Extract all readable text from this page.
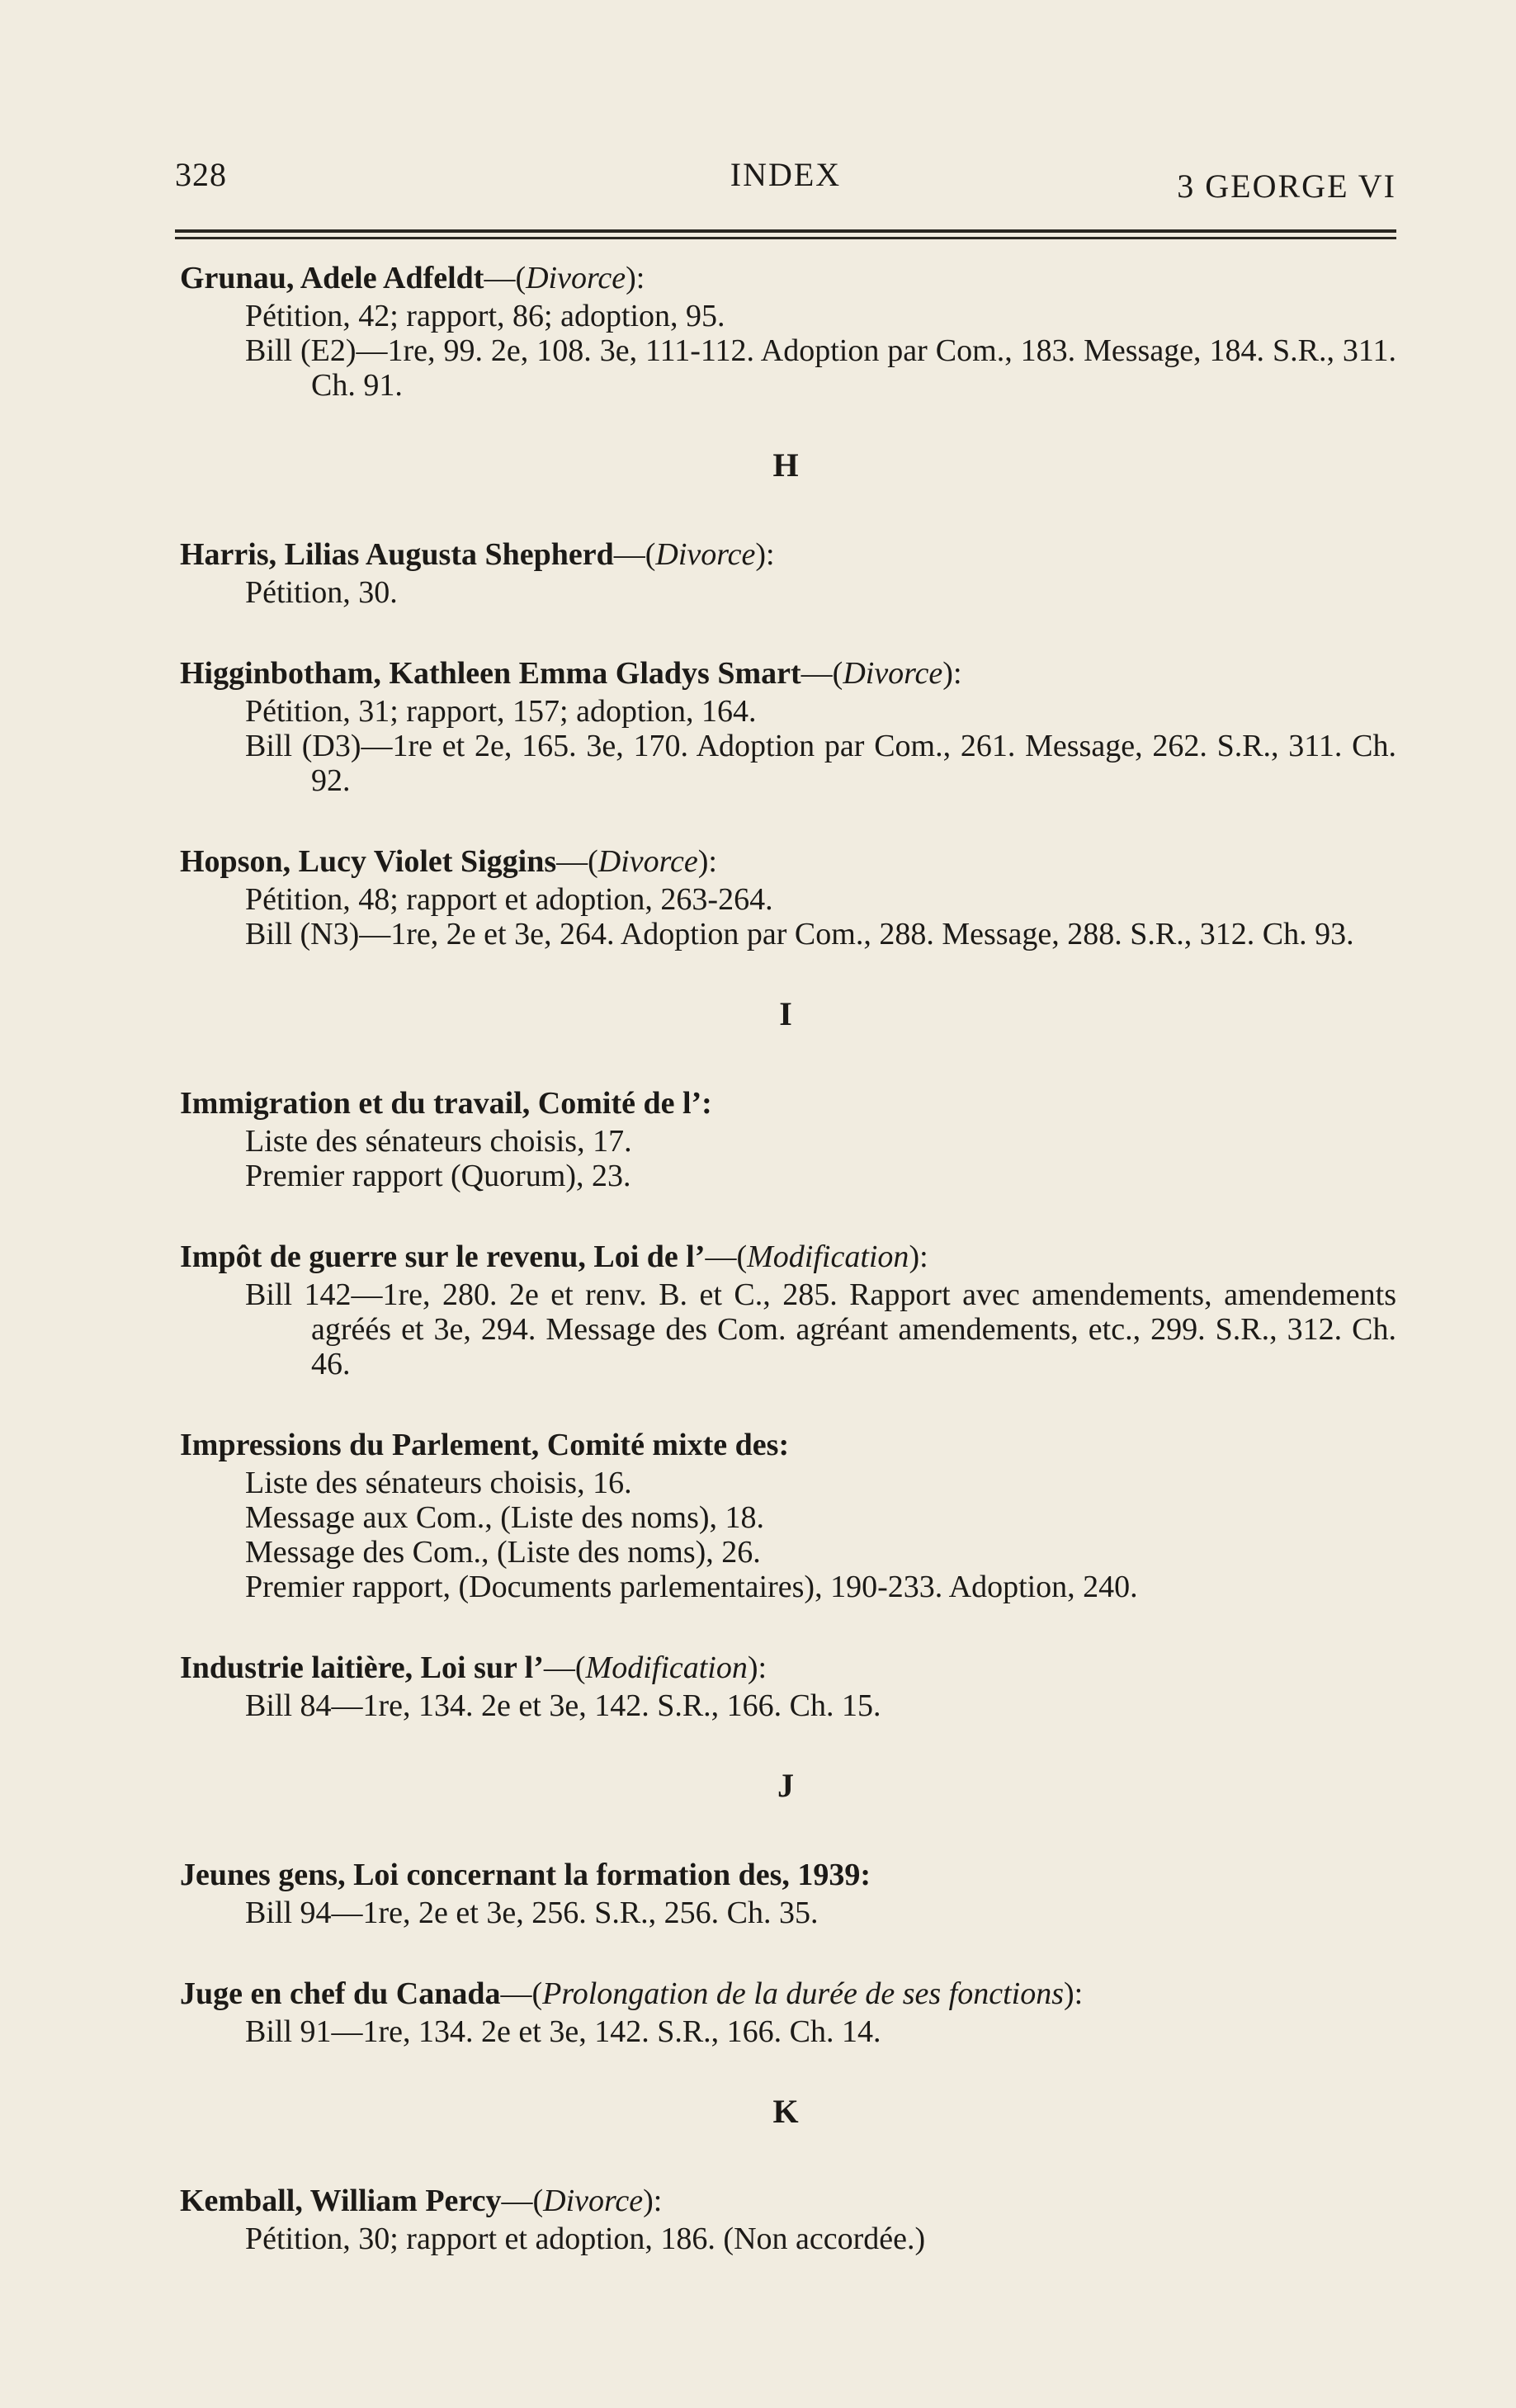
328	INDEX	3 GEORGE VI
Grunau, Adele Adfeldt—(Divorce):
Pétition, 42; rapport, 86; adoption, 95.
Bill (E2)—1re, 99. 2e, 108. 3e, 111-112. Adoption par Com., 183. Message, 184. S.R., 311. Ch. 91.
H
Harris, Lilias Augusta Shepherd—(Divorce):
Pétition, 30.
Higginbotham, Kathleen Emma Gladys Smart—(Divorce):
Pétition, 31; rapport, 157; adoption, 164.
Bill (D3)—1re et 2e, 165. 3e, 170. Adoption par Com., 261. Message, 262. S.R., 311. Ch. 92.
Hopson, Lucy Violet Siggins—(Divorce):
Pétition, 48; rapport et adoption, 263-264.
Bill (N3)—1re, 2e et 3e, 264. Adoption par Com., 288. Message, 288. S.R., 312. Ch. 93.
I
Immigration et du travail, Comité de l’:
Liste des sénateurs choisis, 17.
Premier rapport (Quorum), 23.
Impôt de guerre sur le revenu, Loi de l’—(Modification):
Bill 142—1re, 280. 2e et renv. B. et C., 285. Rapport avec amendements, amendements agréés et 3e, 294. Message des Com. agréant amendements, etc., 299. S.R., 312. Ch. 46.
Impressions du Parlement, Comité mixte des:
Liste des sénateurs choisis, 16.
Message aux Com., (Liste des noms), 18.
Message des Com., (Liste des noms), 26.
Premier rapport, (Documents parlementaires), 190-233. Adoption, 240.
Industrie laitière, Loi sur l’—(Modification):
Bill 84—1re, 134. 2e et 3e, 142. S.R., 166. Ch. 15.
J
Jeunes gens, Loi concernant la formation des, 1939:
Bill 94—1re, 2e et 3e, 256. S.R., 256. Ch. 35.
Juge en chef du Canada—(Prolongation de la durée de ses fonctions):
Bill 91—1re, 134. 2e et 3e, 142. S.R., 166. Ch. 14.
K
Kemball, William Percy—(Divorce):
Pétition, 30; rapport et adoption, 186. (Non accordée.)
